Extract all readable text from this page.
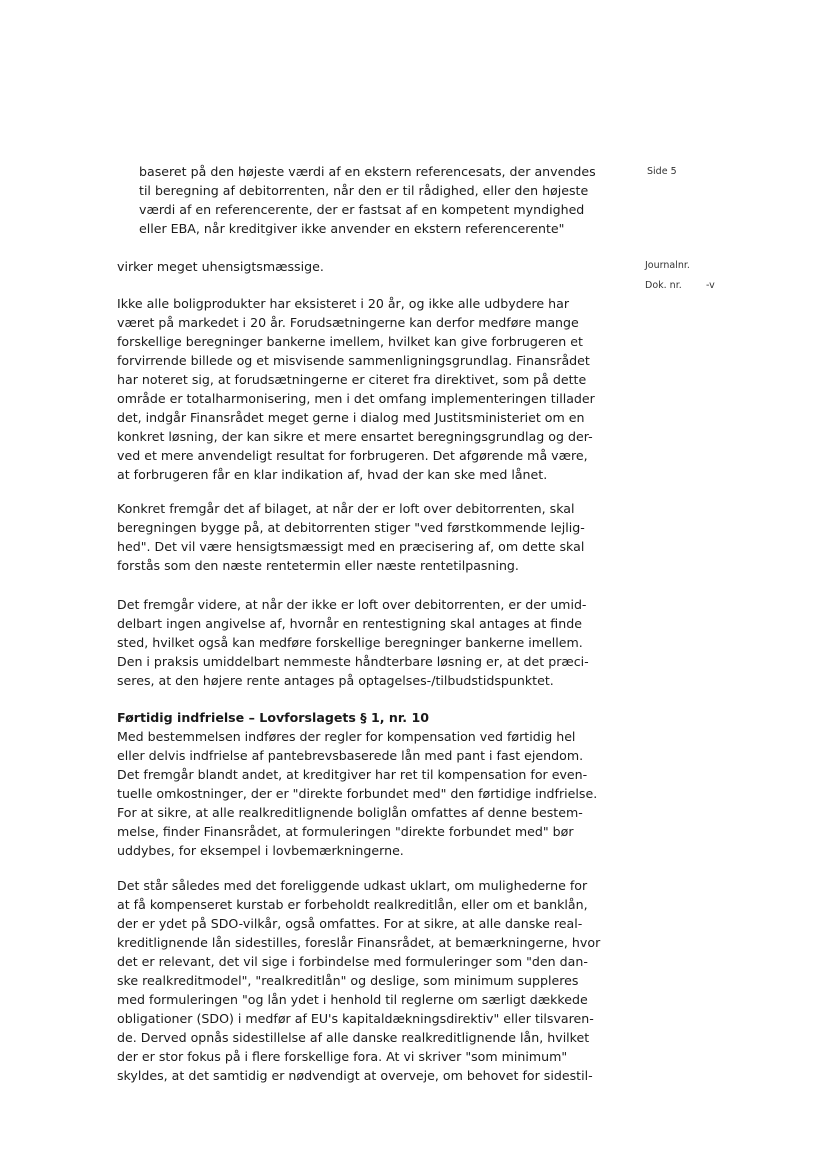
Side 5
Journalnr.
Dok. nr.	-v
baseret på den højeste værdi af en ekstern referencesats, der anvendes
til beregning af debitorrenten, når den er til rådighed, eller den højeste
værdi af en referencerente, der er fastsat af en kompetent myndighed
eller EBA, når kreditgiver ikke anvender en ekstern referencerente"
virker meget uhensigtsmæssige.
Ikke alle boligprodukter har eksisteret i 20 år, og ikke alle udbydere har
været på markedet i 20 år. Forudsætningerne kan derfor medføre mange
forskellige beregninger bankerne imellem, hvilket kan give forbrugeren et
forvirrende billede og et misvisende sammenligningsgrundlag. Finansrådet
har noteret sig, at forudsætningerne er citeret fra direktivet, som på dette
område er totalharmonisering, men i det omfang implementeringen tillader
det, indgår Finansrådet meget gerne i dialog med Justitsministeriet om en
konkret løsning, der kan sikre et mere ensartet beregningsgrundlag og der-
ved et mere anvendeligt resultat for forbrugeren. Det afgørende må være,
at forbrugeren får en klar indikation af, hvad der kan ske med lånet.
Konkret fremgår det af bilaget, at når der er loft over debitorrenten, skal
beregningen bygge på, at debitorrenten stiger "ved førstkommende lejlig-
hed". Det vil være hensigtsmæssigt med en præcisering af, om dette skal
forstås som den næste rentetermin eller næste rentetilpasning.
Det fremgår videre, at når der ikke er loft over debitorrenten, er der umid-
delbart ingen angivelse af, hvornår en rentestigning skal antages at finde
sted, hvilket også kan medføre forskellige beregninger bankerne imellem.
Den i praksis umiddelbart nemmeste håndterbare løsning er, at det præci-
seres, at den højere rente antages på optagelses-/tilbudstidspunktet.
Førtidig indfrielse – Lovforslagets § 1, nr. 10
Med bestemmelsen indføres der regler for kompensation ved førtidig hel
eller delvis indfrielse af pantebrevsbaserede lån med pant i fast ejendom.
Det fremgår blandt andet, at kreditgiver har ret til kompensation for even-
tuelle omkostninger, der er "direkte forbundet med" den førtidige indfrielse.
For at sikre, at alle realkreditlignende boliglån omfattes af denne bestem-
melse, finder Finansrådet, at formuleringen "direkte forbundet med" bør
uddybes, for eksempel i lovbemærkningerne.
Det står således med det foreliggende udkast uklart, om mulighederne for
at få kompenseret kurstab er forbeholdt realkreditlån, eller om et banklån,
der er ydet på SDO-vilkår, også omfattes. For at sikre, at alle danske real-
kreditlignende lån sidestilles, foreslår Finansrådet, at bemærkningerne, hvor
det er relevant, det vil sige i forbindelse med formuleringer som "den dan-
ske realkreditmodel", "realkreditlån" og deslige, som minimum suppleres
med formuleringen "og lån ydet i henhold til reglerne om særligt dækkede
obligationer (SDO) i medfør af EU's kapitaldækningsdirektiv" eller tilsvaren-
de. Derved opnås sidestillelse af alle danske realkreditlignende lån, hvilket
der er stor fokus på i flere forskellige fora. At vi skriver "som minimum"
skyldes, at det samtidig er nødvendigt at overveje, om behovet for sidestil-
